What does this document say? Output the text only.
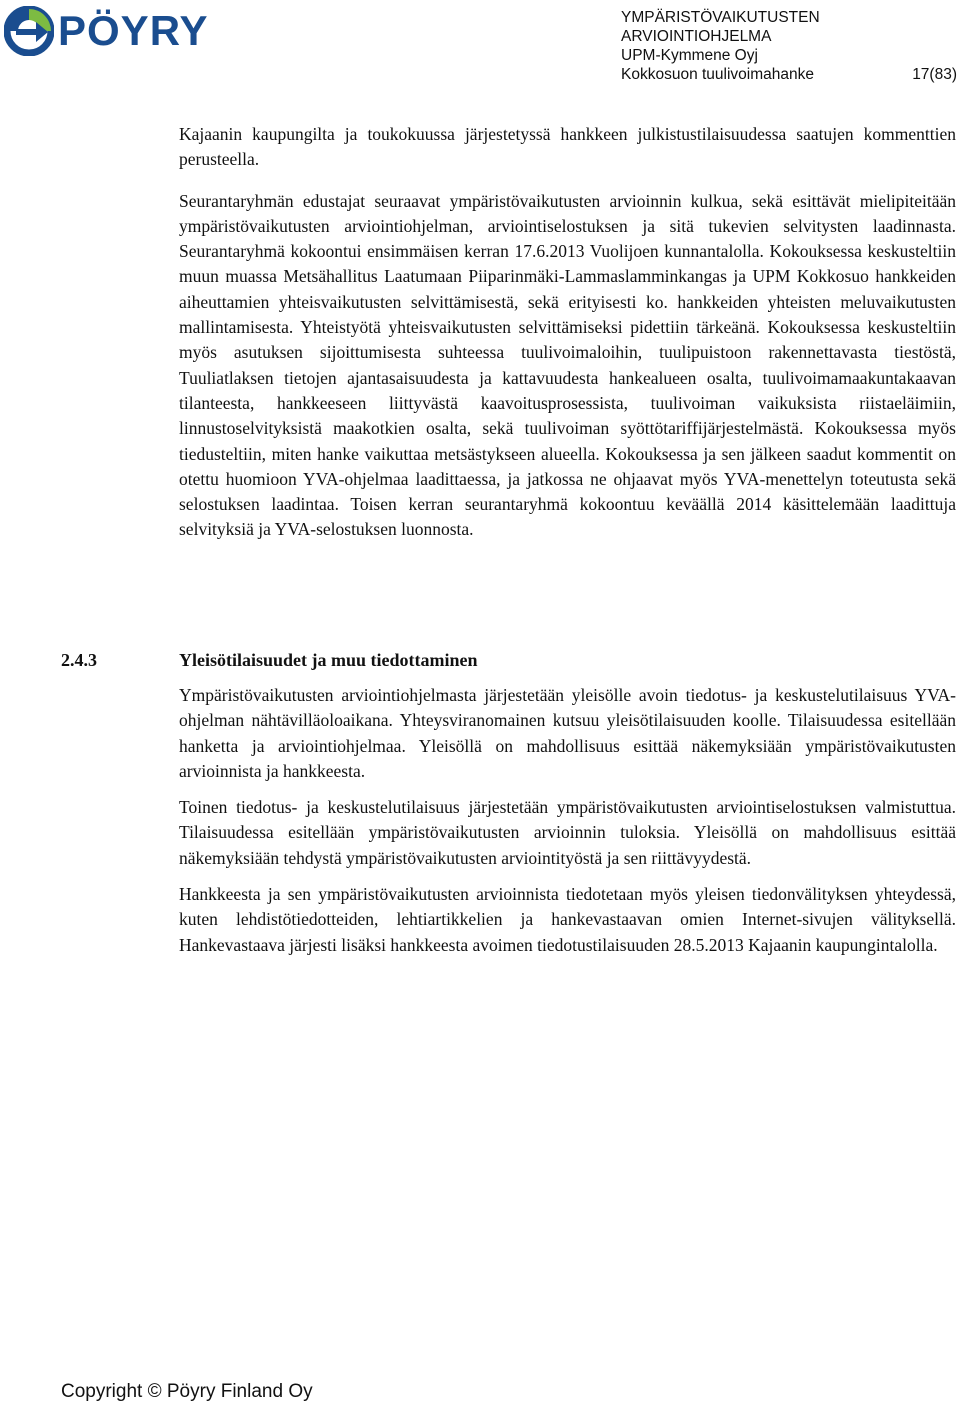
PÖYRY	YMPÄRISTÖVAIKUTUSTEN
ARVIOINTIOHJELMA
UPM-Kymmene Oyj
Kokkosuon tuulivoimahanke	17(83)

Kajaanin kaupungilta ja toukokuussa järjestetyssä hankkeen julkistustilaisuudessa saatujen kommenttien perusteella.

Seurantaryhmän edustajat seuraavat ympäristövaikutusten arvioinnin kulkua, sekä esittävät mielipiteitään ympäristövaikutusten arviointiohjelman, arviointiselostuksen ja sitä tukevien selvitysten laadinnasta. Seurantaryhmä kokoontui ensimmäisen kerran 17.6.2013 Vuolijoen kunnantalolla. Kokouksessa keskusteltiin muun muassa Metsähallitus Laatumaan Piiparinmäki-Lammaslamminkangas ja UPM Kokkosuo hankkeiden aiheuttamien yhteisvaikutusten selvittämisestä, sekä erityisesti ko. hankkeiden yhteisten meluvaikutusten mallintamisesta. Yhteistyötä yhteisvaikutusten selvittämiseksi pidettiin tärkeänä. Kokouksessa keskusteltiin myös asutuksen sijoittumisesta suhteessa tuulivoimaloihin, tuulipuistoon rakennettavasta tiestöstä, Tuuliatlaksen tietojen ajantasaisuudesta ja kattavuudesta hankealueen osalta, tuulivoimamaakuntakaavan tilanteesta, hankkeeseen liittyvästä kaavoitusprosessista, tuulivoiman vaikuksista riistaeläimiin, linnustoselvityksistä maakotkien osalta, sekä tuulivoiman syöttötariffijärjestelmästä. Kokouksessa myös tiedusteltiin, miten hanke vaikuttaa metsästykseen alueella. Kokouksessa ja sen jälkeen saadut kommentit on otettu huomioon YVA-ohjelmaa laadittaessa, ja jatkossa ne ohjaavat myös YVA-menettelyn toteutusta sekä selostuksen laadintaa. Toisen kerran seurantaryhmä kokoontuu keväällä 2014 käsittelemään laadittuja selvityksiä ja YVA-selostuksen luonnosta.

2.4.3	Yleisötilaisuudet ja muu tiedottaminen

Ympäristövaikutusten arviointiohjelmasta järjestetään yleisölle avoin tiedotus- ja keskustelutilaisuus YVA-ohjelman nähtävilläoloaikana. Yhteysviranomainen kutsuu yleisötilaisuuden koolle. Tilaisuudessa esitellään hanketta ja arviointiohjelmaa. Yleisöllä on mahdollisuus esittää näkemyksiään ympäristövaikutusten arvioinnista ja hankkeesta.

Toinen tiedotus- ja keskustelutilaisuus järjestetään ympäristövaikutusten arviointiselostuksen valmistuttua. Tilaisuudessa esitellään ympäristövaikutusten arvioinnin tuloksia. Yleisöllä on mahdollisuus esittää näkemyksiään tehdystä ympäristövaikutusten arviointityöstä ja sen riittävyydestä.

Hankkeesta ja sen ympäristövaikutusten arvioinnista tiedotetaan myös yleisen tiedonvälityksen yhteydessä, kuten lehdistötiedotteiden, lehtiartikkelien ja hankevastaavan omien Internet-sivujen välityksellä. Hankevastaava järjesti lisäksi hankkeesta avoimen tiedotustilaisuuden 28.5.2013 Kajaanin kaupungintalolla.

Copyright © Pöyry Finland Oy
